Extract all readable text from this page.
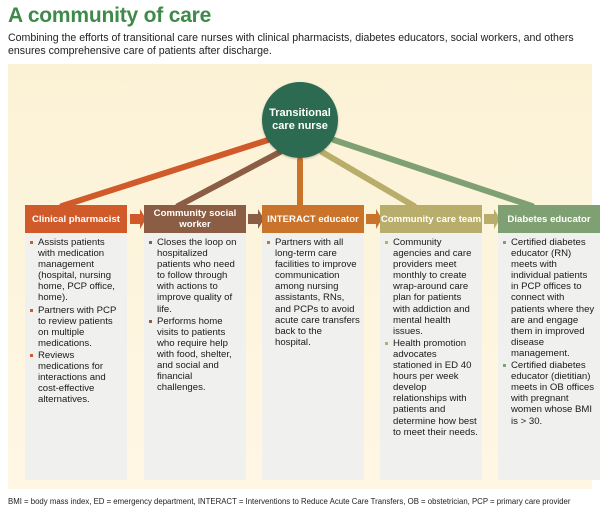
A community of care
Combining the efforts of transitional care nurses with clinical pharmacists, diabetes educators, social workers, and others ensures comprehensive care of patients after discharge.
Transitional care nurse
Clinical pharmacist
Assists patients with medication management (hospital, nursing home, PCP office, home).
Partners with PCP to review patients on multiple medications.
Reviews medications for interactions and cost-effective alternatives.
Community social worker
Closes the loop on hospitalized patients who need to follow through with actions to improve quality of life.
Performs home visits to patients who require help with food, shelter, and social and financial challenges.
INTERACT educator
Partners with all long-term care facilities to improve communication among nursing assistants, RNs, and PCPs to avoid acute care transfers back to the hospital.
Community care team
Community agencies and care providers meet monthly to create wrap-around care plan for patients with addiction and mental health issues.
Health promotion advocates stationed in ED 40 hours per week develop relationships with patients and determine how best to meet their needs.
Diabetes educator
Certified diabetes educator (RN) meets with individual patients in PCP offices to connect with patients where they are and engage them in improved disease management.
Certified diabetes educator (dietitian) meets in OB offices with pregnant women whose BMI is > 30.
BMI = body mass index, ED = emergency department, INTERACT = Interventions to Reduce Acute Care Transfers, OB = obstetrician, PCP = primary care provider
